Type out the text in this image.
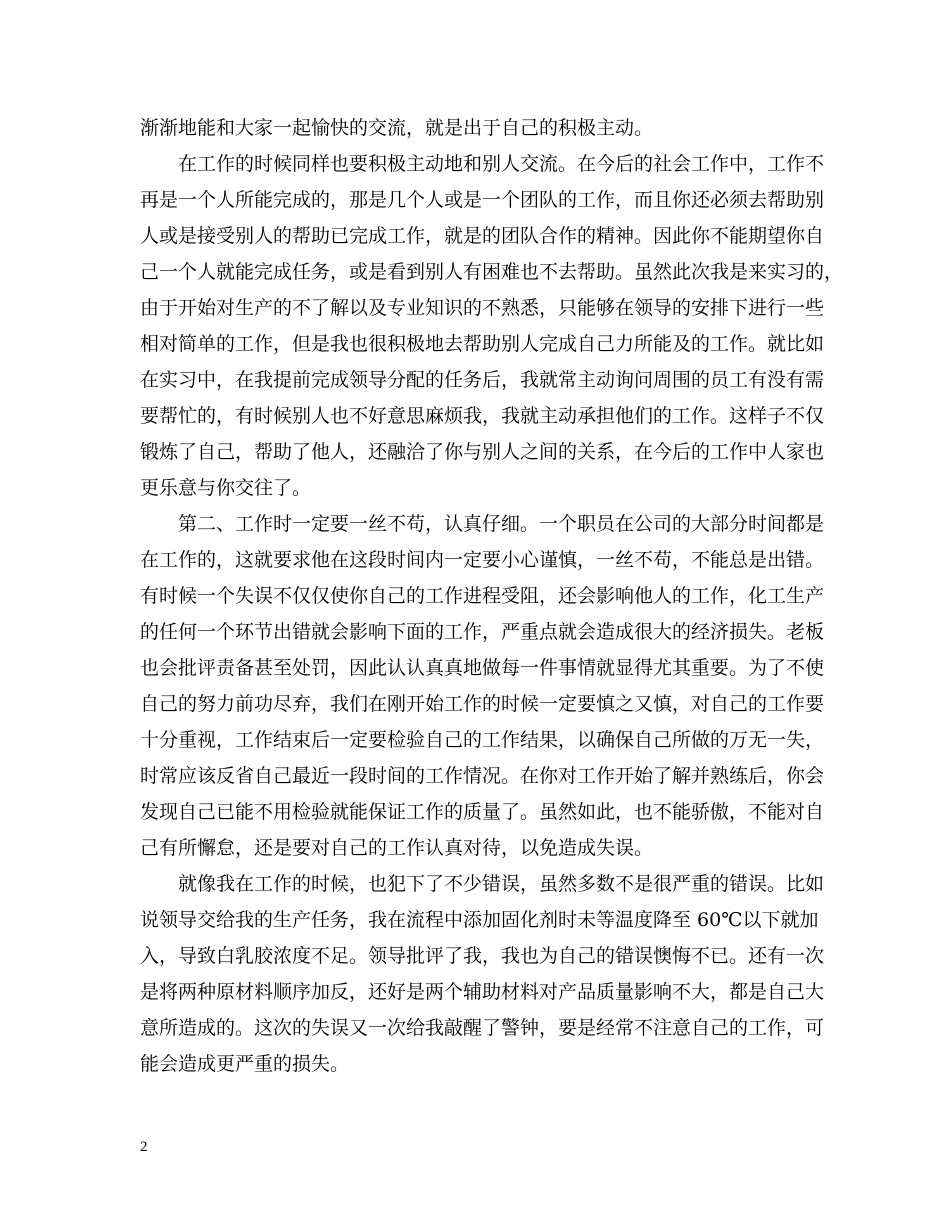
渐渐地能和大家一起愉快的交流，就是出于自己的积极主动。
在工作的时候同样也要积极主动地和别人交流。在今后的社会工作中，工作不
再是一个人所能完成的，那是几个人或是一个团队的工作，而且你还必须去帮助别
人或是接受别人的帮助已完成工作，就是的团队合作的精神。因此你不能期望你自
己一个人就能完成任务，或是看到别人有困难也不去帮助。虽然此次我是来实习的，
由于开始对生产的不了解以及专业知识的不熟悉，只能够在领导的安排下进行一些
相对简单的工作，但是我也很积极地去帮助别人完成自己力所能及的工作。就比如
在实习中，在我提前完成领导分配的任务后，我就常主动询问周围的员工有没有需
要帮忙的，有时候别人也不好意思麻烦我，我就主动承担他们的工作。这样子不仅
锻炼了自己，帮助了他人，还融洽了你与别人之间的关系，在今后的工作中人家也
更乐意与你交往了。
第二、工作时一定要一丝不苟，认真仔细。一个职员在公司的大部分时间都是
在工作的，这就要求他在这段时间内一定要小心谨慎，一丝不苟，不能总是出错。
有时候一个失误不仅仅使你自己的工作进程受阻，还会影响他人的工作，化工生产
的任何一个环节出错就会影响下面的工作，严重点就会造成很大的经济损失。老板
也会批评责备甚至处罚，因此认认真真地做每一件事情就显得尤其重要。为了不使
自己的努力前功尽弃，我们在刚开始工作的时候一定要慎之又慎，对自己的工作要
十分重视，工作结束后一定要检验自己的工作结果，以确保自己所做的万无一失，
时常应该反省自己最近一段时间的工作情况。在你对工作开始了解并熟练后，你会
发现自己已能不用检验就能保证工作的质量了。虽然如此，也不能骄傲，不能对自
己有所懈怠，还是要对自己的工作认真对待，以免造成失误。
就像我在工作的时候，也犯下了不少错误，虽然多数不是很严重的错误。比如
说领导交给我的生产任务，我在流程中添加固化剂时未等温度降至 60℃以下就加
入，导致白乳胶浓度不足。领导批评了我，我也为自己的错误懊悔不已。还有一次
是将两种原材料顺序加反，还好是两个辅助材料对产品质量影响不大，都是自己大
意所造成的。这次的失误又一次给我敲醒了警钟，要是经常不注意自己的工作，可
能会造成更严重的损失。
2
